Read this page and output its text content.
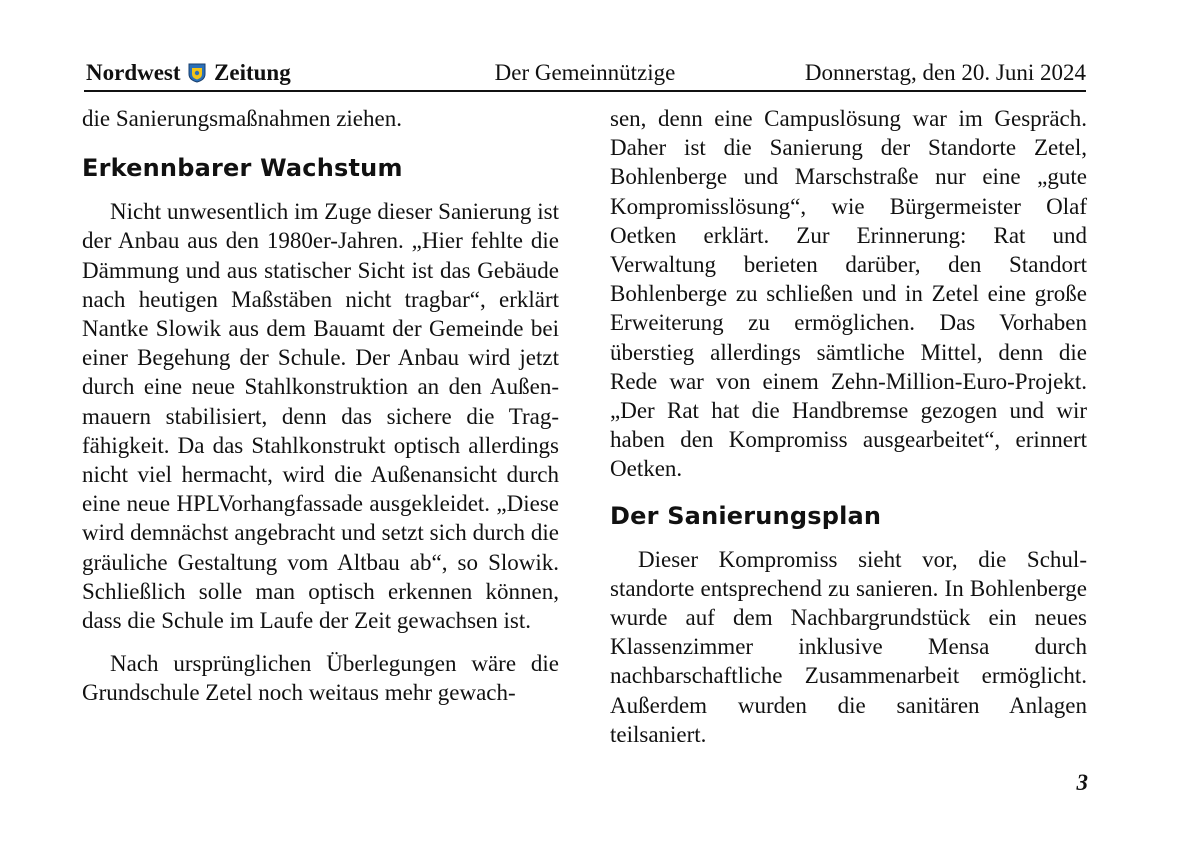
Nordwest Zeitung	Der Gemeinnützige	Donnerstag, den 20. Juni 2024

die Sanierungsmaßnahmen ziehen.

Erkennbarer Wachstum

Nicht unwesentlich im Zuge dieser Sanierung ist der Anbau aus den 1980er-Jahren. „Hier fehlte die Dämmung und aus statischer Sicht ist das Gebäude nach heutigen Maßstäben nicht tragbar“, erklärt Nantke Slowik aus dem Bauamt der Gemeinde bei einer Begehung der Schule. Der Anbau wird jetzt durch eine neue Stahlkonstruktion an den Außenmauern stabilisiert, denn das sichere die Tragfähigkeit. Da das Stahlkonstrukt optisch allerdings nicht viel hermacht, wird die Außenansicht durch eine neue HPLVorhangfassade ausgekleidet. „Diese wird demnächst angebracht und setzt sich durch die gräuliche Gestaltung vom Altbau ab“, so Slowik. Schließlich solle man optisch erkennen können, dass die Schule im Laufe der Zeit gewachsen ist.

Nach ursprünglichen Überlegungen wäre die Grundschule Zetel noch weitaus mehr gewach-

sen, denn eine Campuslösung war im Gespräch. Daher ist die Sanierung der Standorte Zetel, Bohlenberge und Marschstraße nur eine „gute Kompromisslösung“, wie Bürgermeister Olaf Oetken erklärt. Zur Erinnerung: Rat und Verwaltung berieten darüber, den Standort Bohlenberge zu schließen und in Zetel eine große Erweiterung zu ermöglichen. Das Vorhaben überstieg allerdings sämtliche Mittel, denn die Rede war von einem Zehn-Million-Euro-Projekt. „Der Rat hat die Handbremse gezogen und wir haben den Kompromiss ausgearbeitet“, erinnert Oetken.

Der Sanierungsplan

Dieser Kompromiss sieht vor, die Schulstandorte entsprechend zu sanieren. In Bohlenberge wurde auf dem Nachbargrundstück ein neues Klassenzimmer inklusive Mensa durch nachbarschaftliche Zusammenarbeit ermöglicht. Außerdem wurden die sanitären Anlagen teilsaniert.

3
